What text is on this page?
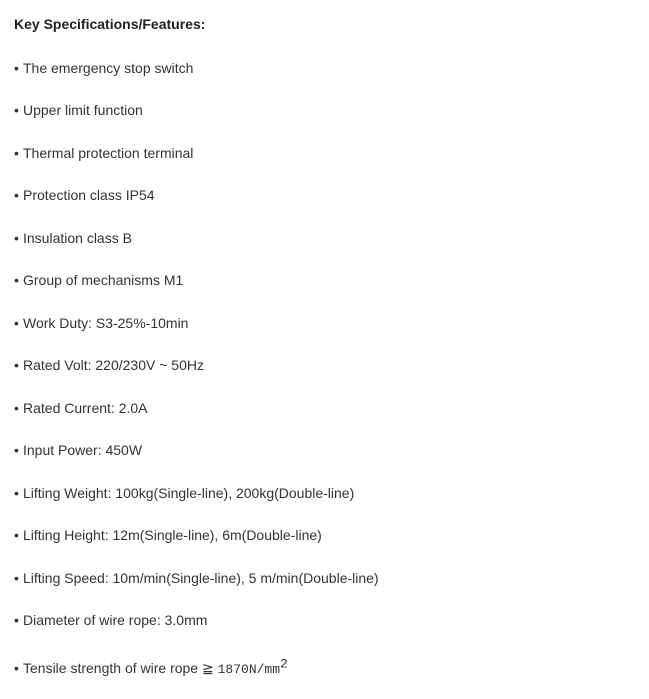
Key Specifications/Features:
• The emergency stop switch
• Upper limit function
• Thermal protection terminal
• Protection class IP54
• Insulation class B
• Group of mechanisms M1
• Work Duty: S3-25%-10min
• Rated Volt: 220/230V ~ 50Hz
• Rated Current: 2.0A
• Input Power: 450W
• Lifting Weight: 100kg(Single-line), 200kg(Double-line)
• Lifting Height: 12m(Single-line), 6m(Double-line)
• Lifting Speed: 10m/min(Single-line), 5 m/min(Double-line)
• Diameter of wire rope: 3.0mm
• Tensile strength of wire rope ≧ $1870N/mm^2$
